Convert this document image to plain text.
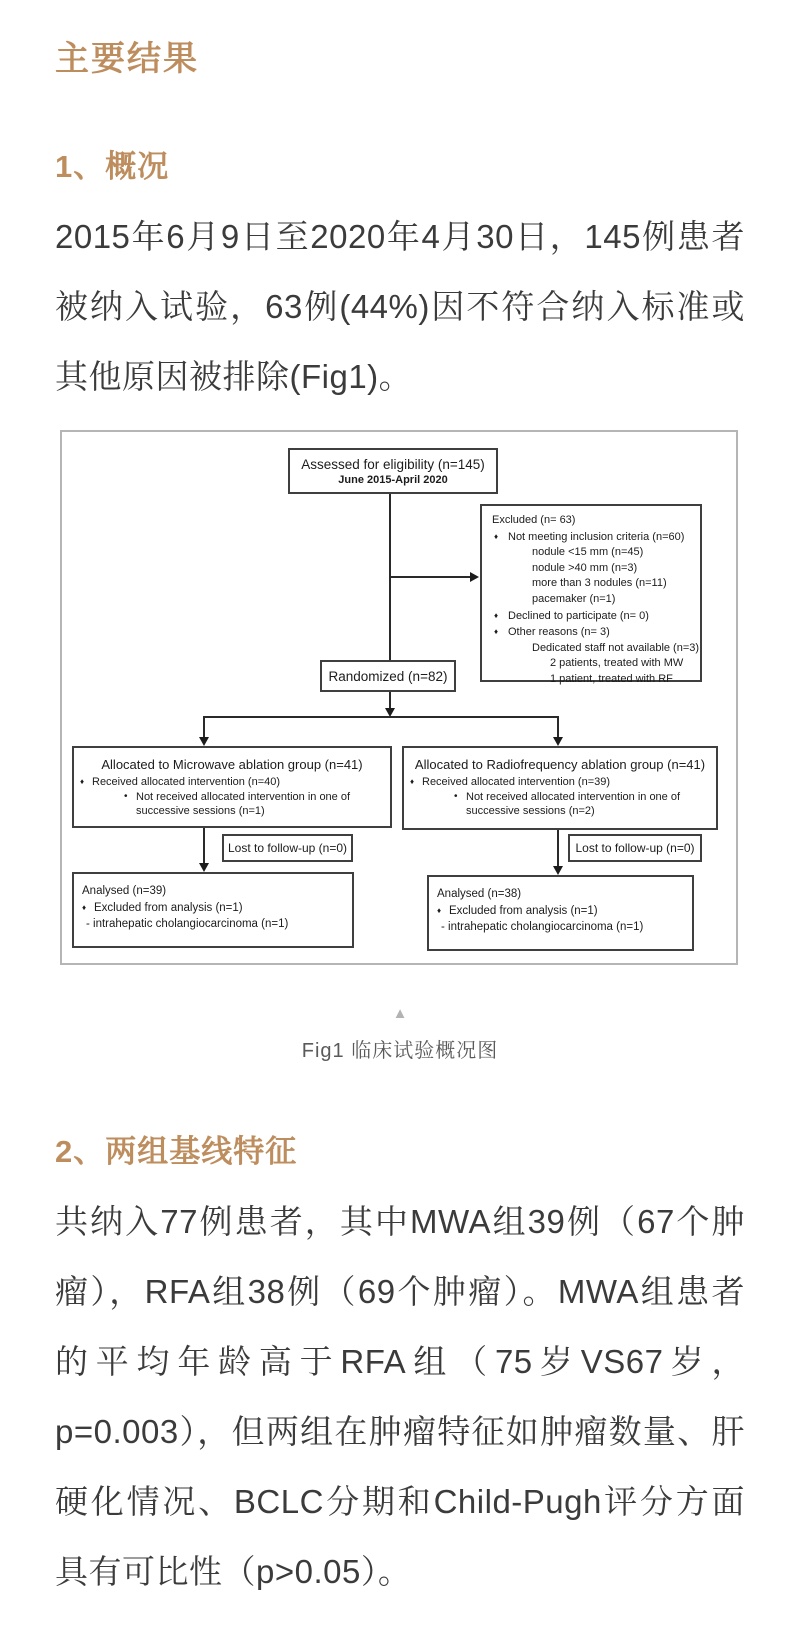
主要结果
1、概况

2015年6月9日至2020年4月30日，145例患者被纳入试验，63例(44%)因不符合纳入标准或其他原因被排除(Fig1)。

Assessed for eligibility (n=145)
June 2015-April 2020
Excluded (n= 63)
♦ Not meeting inclusion criteria (n=60)
nodule <15 mm (n=45)
nodule >40 mm (n=3)
more than 3 nodules (n=11)
pacemaker (n=1)
♦ Declined to participate (n= 0)
♦ Other reasons (n= 3)
Dedicated staff not available (n=3)
2 patients, treated with MW
1 patient, treated with RF
Randomized (n=82)
Allocated to Microwave ablation group (n=41)
♦ Received allocated intervention (n=40)
• Not received allocated intervention in one of successive sessions (n=1)
Allocated to Radiofrequency ablation group (n=41)
♦ Received allocated intervention (n=39)
• Not received allocated intervention in one of successive sessions (n=2)
Lost to follow-up (n=0)	Lost to follow-up (n=0)
Analysed (n=39)
♦ Excluded from analysis (n=1)
- intrahepatic cholangiocarcinoma (n=1)
Analysed (n=38)
♦ Excluded from analysis (n=1)
- intrahepatic cholangiocarcinoma (n=1)
▲
Fig1 临床试验概况图
2、两组基线特征

共纳入77例患者，其中MWA组39例（67个肿瘤），RFA组38例（69个肿瘤）。MWA组患者的平均年龄高于RFA组（75岁VS67岁，p=0.003），但两组在肿瘤特征如肿瘤数量、肝硬化情况、BCLC分期和Child-Pugh评分方面具有可比性（p>0.05）。
